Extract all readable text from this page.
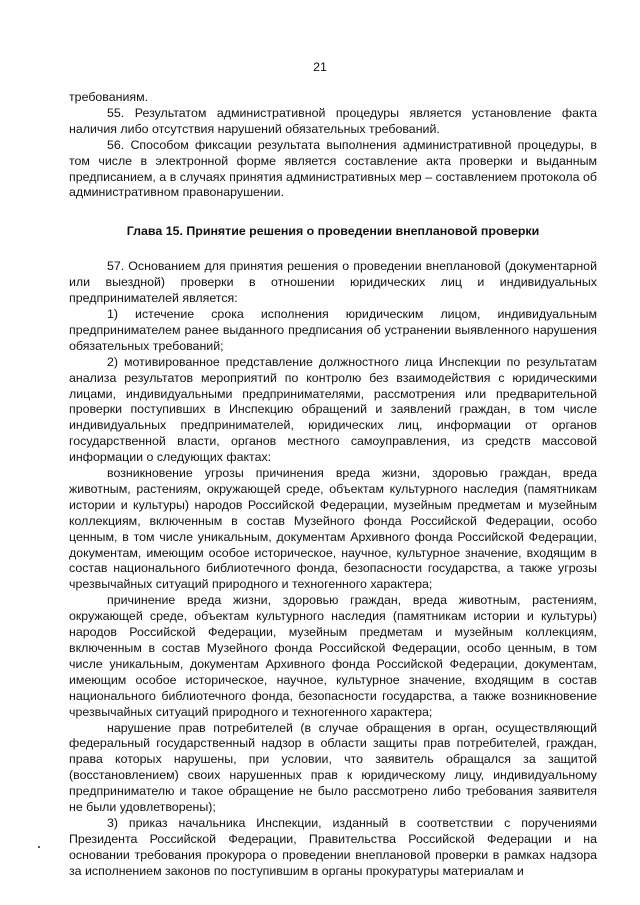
21

требованиям.

55. Результатом административной процедуры является установление факта наличия либо отсутствия нарушений обязательных требований.

56. Способом фиксации результата выполнения административной процедуры, в том числе в электронной форме является составление акта проверки и выданным предписанием, а в случаях принятия административных мер – составлением протокола об административном правонарушении.

Глава 15. Принятие решения о проведении внеплановой проверки

57. Основанием для принятия решения о проведении внеплановой (документарной или выездной) проверки в отношении юридических лиц и индивидуальных предпринимателей является:

1) истечение срока исполнения юридическим лицом, индивидуальным предпринимателем ранее выданного предписания об устранении выявленного нарушения обязательных требований;

2) мотивированное представление должностного лица Инспекции по результатам анализа результатов мероприятий по контролю без взаимодействия с юридическими лицами, индивидуальными предпринимателями, рассмотрения или предварительной проверки поступивших в Инспекцию обращений и заявлений граждан, в том числе индивидуальных предпринимателей, юридических лиц, информации от органов государственной власти, органов местного самоуправления, из средств массовой информации о следующих фактах:

возникновение угрозы причинения вреда жизни, здоровью граждан, вреда животным, растениям, окружающей среде, объектам культурного наследия (памятникам истории и культуры) народов Российской Федерации, музейным предметам и музейным коллекциям, включенным в состав Музейного фонда Российской Федерации, особо ценным, в том числе уникальным, документам Архивного фонда Российской Федерации, документам, имеющим особое историческое, научное, культурное значение, входящим в состав национального библиотечного фонда, безопасности государства, а также угрозы чрезвычайных ситуаций природного и техногенного характера;

причинение вреда жизни, здоровью граждан, вреда животным, растениям, окружающей среде, объектам культурного наследия (памятникам истории и культуры) народов Российской Федерации, музейным предметам и музейным коллекциям, включенным в состав Музейного фонда Российской Федерации, особо ценным, в том числе уникальным, документам Архивного фонда Российской Федерации, документам, имеющим особое историческое, научное, культурное значение, входящим в состав национального библиотечного фонда, безопасности государства, а также возникновение чрезвычайных ситуаций природного и техногенного характера;

нарушение прав потребителей (в случае обращения в орган, осуществляющий федеральный государственный надзор в области защиты прав потребителей, граждан, права которых нарушены, при условии, что заявитель обращался за защитой (восстановлением) своих нарушенных прав к юридическому лицу, индивидуальному предпринимателю и такое обращение не было рассмотрено либо требования заявителя не были удовлетворены);

3) приказ начальника Инспекции, изданный в соответствии с поручениями Президента Российской Федерации, Правительства Российской Федерации и на основании требования прокурора о проведении внеплановой проверки в рамках надзора за исполнением законов по поступившим в органы прокуратуры материалам и
